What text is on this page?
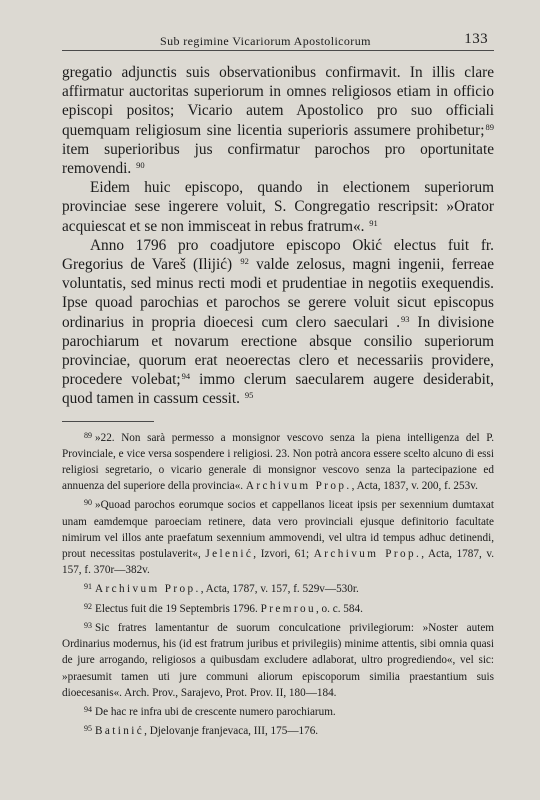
Sub regimine Vicariorum Apostolicorum	133

gregatio adjunctis suis observationibus confirmavit. In illis clare affirmatur auctoritas superiorum in omnes religiosos etiam in officio episcopi positos; Vicario autem Apostolico pro suo officiali quemquam religiosum sine licentia superioris assumere prohibetur;$^{89}$ item superioribus jus confirmatur parochos pro oportunitate removendi. $^{90}$

Eidem huic episcopo, quando in electionem superiorum provinciae sese ingerere voluit, S. Congregatio rescripsit: »Orator acquiescat et se non immisceat in rebus fratrum«. $^{91}$

Anno 1796 pro coadjutore episcopo Okić electus fuit fr. Gregorius de Vareš (Ilijić) $^{92}$ valde zelosus, magni ingenii, ferreae voluntatis, sed minus recti modi et prudentiae in negotiis exequendis. Ipse quoad parochias et parochos se gerere voluit sicut episcopus ordinarius in propria dioecesi cum clero saeculari .$^{93}$ In divisione parochiarum et novarum erectione absque consilio superiorum provinciae, quorum erat neoerectas clero et necessariis providere, procedere volebat;$^{94}$ immo clerum saecularem augere desiderabit, quod tamen in cassum cessit. $^{95}$

$^{89}$ »22. Non sarà permesso a monsignor vescovo senza la piena intelligenza del P. Provinciale, e vice versa sospendere i religiosi. 23. Non potrà ancora essere scelto alcuno di essi religiosi segretario, o vicario generale di monsignor vescovo senza la partecipazione ed annuenza del superiore della provincia«. Archivum Prop., Acta, 1837, v. 200, f. 253v.

$^{90}$ »Quoad parochos eorumque socios et cappellanos liceat ipsis per sexennium dumtaxat unam eamdemque paroeciam retinere, data vero provinciali ejusque definitorio facultate nimirum vel illos ante praefatum sexennium ammovendi, vel ultra id tempus adhuc detinendi, prout necessitas postulaverit«, Jelenić, Izvori, 61; Archivum Prop., Acta, 1787, v. 157, f. 370r—382v.

$^{91}$ Archivum Prop., Acta, 1787, v. 157, f. 529v—530r.

$^{92}$ Electus fuit die 19 Septembris 1796. Premrou, o. c. 584.

$^{93}$ Sic fratres lamentantur de suorum conculcatione privilegiorum: »Noster autem Ordinarius modernus, his (id est fratrum juribus et privilegiis) minime attentis, sibi omnia quasi de jure arrogando, religiosos a quibusdam excludere adlaborat, ultro progrediendo«, vel sic: »praesumit tamen uti jure communi aliorum episcoporum similia praestantium suis dioecesanis«. Arch. Prov., Sarajevo, Prot. Prov. II, 180—184.

$^{94}$ De hac re infra ubi de crescente numero parochiarum.

$^{95}$ Batinić, Djelovanje franjevaca, III, 175—176.
